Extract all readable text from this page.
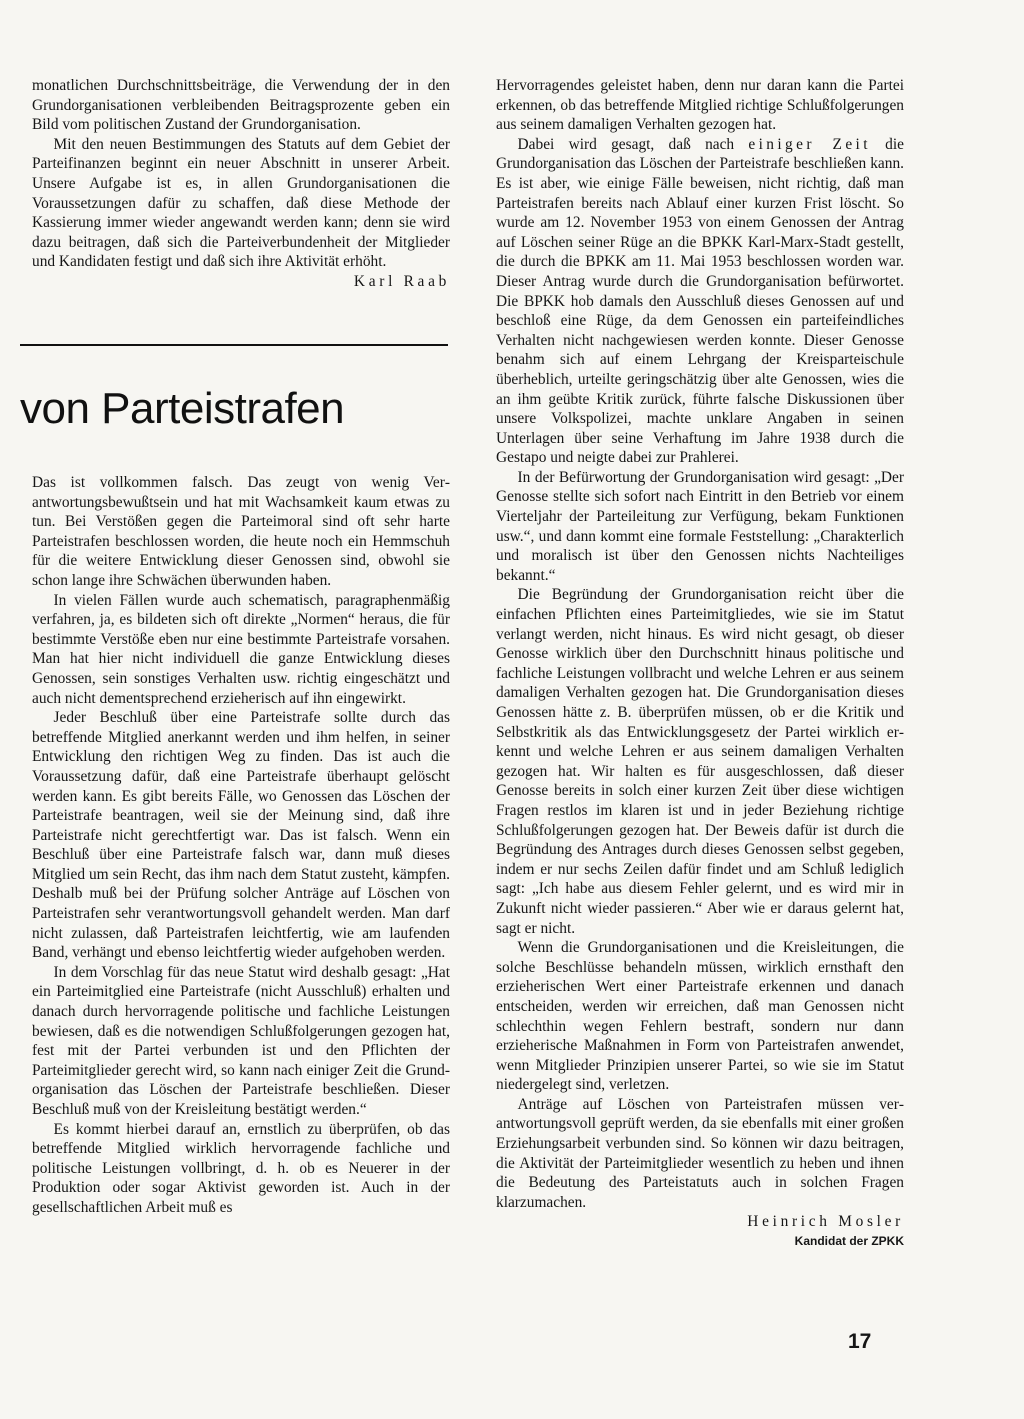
monatlichen Durchschnittsbeiträge, die Verwendung der in den Grundorganisationen verbleibenden Beitragsprozente geben ein Bild vom politischen Zustand der Grundorganisation.

Mit den neuen Bestimmungen des Statuts auf dem Gebiet der Parteifinanzen beginnt ein neuer Abschnitt in unserer Arbeit. Unsere Aufgabe ist es, in allen Grundorganisationen die Voraussetzungen dafür zu schaffen, daß diese Methode der Kassierung immer wieder angewandt werden kann; denn sie wird dazu beitragen, daß sich die Parteiverbundenheit der Mitglieder und Kandidaten festigt und daß sich ihre Aktivität erhöht.

Karl Raab

von Parteistrafen

Das ist vollkommen falsch. Das zeugt von wenig Verantwortungsbewußtsein und hat mit Wachsamkeit kaum etwas zu tun. Bei Verstößen gegen die Parteimoral sind oft sehr harte Parteistrafen beschlossen worden, die heute noch ein Hemmschuh für die weitere Entwicklung dieser Genossen sind, obwohl sie schon lange ihre Schwächen überwunden haben.

In vielen Fällen wurde auch schematisch, paragraphenmäßig verfahren, ja, es bildeten sich oft direkte „Normen“ heraus, die für bestimmte Verstöße eben nur eine bestimmte Parteistrafe vorsahen. Man hat hier nicht individuell die ganze Entwicklung dieses Genossen, sein sonstiges Verhalten usw. richtig eingeschätzt und auch nicht dementsprechend erzieherisch auf ihn eingewirkt.

Jeder Beschluß über eine Parteistrafe sollte durch das betreffende Mitglied anerkannt werden und ihm helfen, in seiner Entwicklung den richtigen Weg zu finden. Das ist auch die Voraussetzung dafür, daß eine Parteistrafe überhaupt gelöscht werden kann. Es gibt bereits Fälle, wo Genossen das Löschen der Parteistrafe beantragen, weil sie der Meinung sind, daß ihre Parteistrafe nicht gerechtfertigt war. Das ist falsch. Wenn ein Beschluß über eine Parteistrafe falsch war, dann muß dieses Mitglied um sein Recht, das ihm nach dem Statut zusteht, kämpfen. Deshalb muß bei der Prüfung solcher Anträge auf Löschen von Parteistrafen sehr verantwortungsvoll gehandelt werden. Man darf nicht zulassen, daß Parteistrafen leichtfertig, wie am laufenden Band, verhängt und ebenso leichtfertig wieder aufgehoben werden.

In dem Vorschlag für das neue Statut wird deshalb gesagt: „Hat ein Parteimitglied eine Parteistrafe (nicht Ausschluß) erhalten und danach durch hervorragende politische und fachliche Leistungen bewiesen, daß es die notwendigen Schlußfolgerungen gezogen hat, fest mit der Partei verbunden ist und den Pflichten der Parteimitglieder gerecht wird, so kann nach einiger Zeit die Grundorganisation das Löschen der Parteistrafe beschließen. Dieser Beschluß muß von der Kreisleitung bestätigt werden.“

Es kommt hierbei darauf an, ernstlich zu überprüfen, ob das betreffende Mitglied wirklich hervorragende fachliche und politische Leistungen vollbringt, d. h. ob es Neuerer in der Produktion oder sogar Aktivist geworden ist. Auch in der gesellschaftlichen Arbeit muß es

Hervorragendes geleistet haben, denn nur daran kann die Partei erkennen, ob das betreffende Mitglied richtige Schlußfolgerungen aus seinem damaligen Verhalten gezogen hat.

Dabei wird gesagt, daß nach einiger Zeit die Grundorganisation das Löschen der Parteistrafe beschließen kann. Es ist aber, wie einige Fälle beweisen, nicht richtig, daß man Parteistrafen bereits nach Ablauf einer kurzen Frist löscht. So wurde am 12. November 1953 von einem Genossen der Antrag auf Löschen seiner Rüge an die BPKK Karl-Marx-Stadt gestellt, die durch die BPKK am 11. Mai 1953 beschlossen worden war. Dieser Antrag wurde durch die Grundorganisation befürwortet. Die BPKK hob damals den Ausschluß dieses Genossen auf und beschloß eine Rüge, da dem Genossen ein parteifeindliches Verhalten nicht nachgewiesen werden konnte. Dieser Genosse benahm sich auf einem Lehrgang der Kreisparteischule überheblich, urteilte geringschätzig über alte Genossen, wies die an ihm geübte Kritik zurück, führte falsche Diskussionen über unsere Volkspolizei, machte unklare Angaben in seinen Unterlagen über seine Verhaftung im Jahre 1938 durch die Gestapo und neigte dabei zur Prahlerei.

In der Befürwortung der Grundorganisation wird gesagt: „Der Genosse stellte sich sofort nach Eintritt in den Betrieb vor einem Vierteljahr der Parteileitung zur Verfügung, bekam Funktionen usw.“, und dann kommt eine formale Feststellung: „Charakterlich und moralisch ist über den Genossen nichts Nachteiliges bekannt.“

Die Begründung der Grundorganisation reicht über die einfachen Pflichten eines Parteimitgliedes, wie sie im Statut verlangt werden, nicht hinaus. Es wird nicht gesagt, ob dieser Genosse wirklich über den Durchschnitt hinaus politische und fachliche Leistungen vollbracht und welche Lehren er aus seinem damaligen Verhalten gezogen hat. Die Grundorganisation dieses Genossen hätte z. B. überprüfen müssen, ob er die Kritik und Selbstkritik als das Entwicklungsgesetz der Partei wirklich erkennt und welche Lehren er aus seinem damaligen Verhalten gezogen hat. Wir halten es für ausgeschlossen, daß dieser Genosse bereits in solch einer kurzen Zeit über diese wichtigen Fragen restlos im klaren ist und in jeder Beziehung richtige Schlußfolgerungen gezogen hat. Der Beweis dafür ist durch die Begründung des Antrages durch dieses Genossen selbst gegeben, indem er nur sechs Zeilen dafür findet und am Schluß lediglich sagt: „Ich habe aus diesem Fehler gelernt, und es wird mir in Zukunft nicht wieder passieren.“ Aber wie er daraus gelernt hat, sagt er nicht.

Wenn die Grundorganisationen und die Kreisleitungen, die solche Beschlüsse behandeln müssen, wirklich ernsthaft den erzieherischen Wert einer Parteistrafe erkennen und danach entscheiden, werden wir erreichen, daß man Genossen nicht schlechthin wegen Fehlern bestraft, sondern nur dann erzieherische Maßnahmen in Form von Parteistrafen anwendet, wenn Mitglieder Prinzipien unserer Partei, so wie sie im Statut niedergelegt sind, verletzen.

Anträge auf Löschen von Parteistrafen müssen verantwortungsvoll geprüft werden, da sie ebenfalls mit einer großen Erziehungsarbeit verbunden sind. So können wir dazu beitragen, die Aktivität der Parteimitglieder wesentlich zu heben und ihnen die Bedeutung des Parteistatuts auch in solchen Fragen klarzumachen.

Heinrich Mosler

Kandidat der ZPKK

17
